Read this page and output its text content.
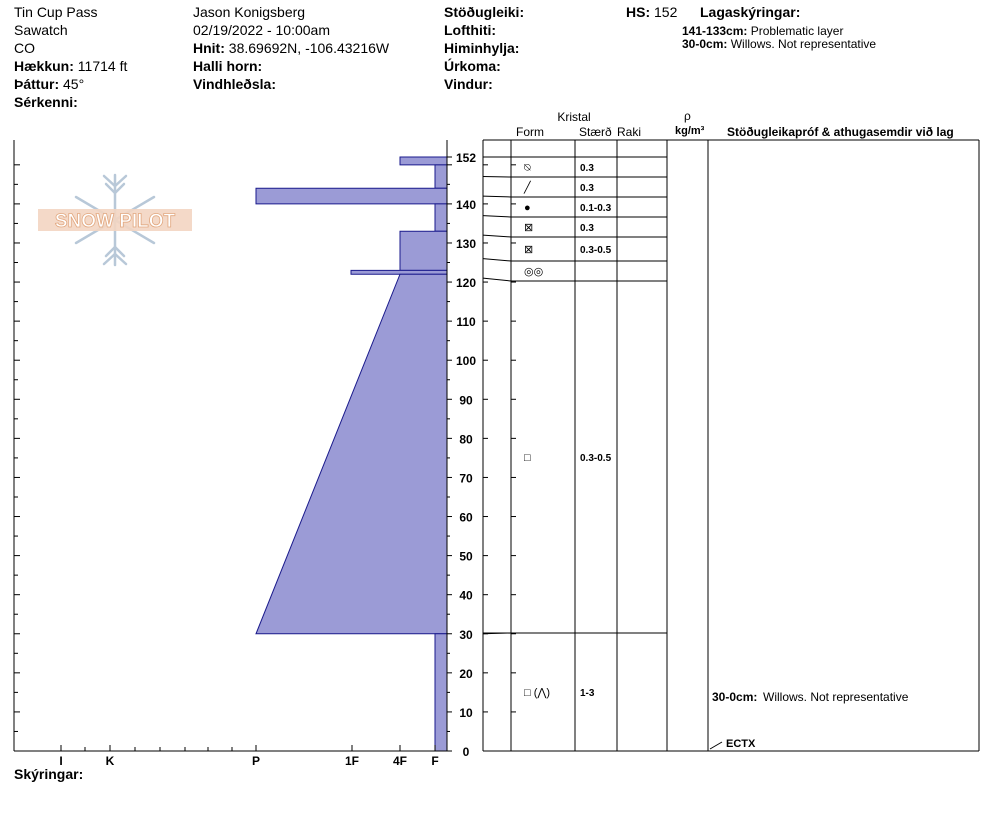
Tin Cup Pass
Sawatch
CO
Hækkun: 11714 ft
Þáttur: 45°
Sérkenni:
Jason Konigsberg
02/19/2022 - 10:00am
Hnit: 38.69692N, -106.43216W
Halli horn:
Vindhleðsla:
Stöðugleiki:
Lofthiti:
Himinhylja:
Úrkoma:
Vindur:
HS: 152 Lagaskýringar:
141-133cm: Problematic layer
30-0cm: Willows. Not representative
Skýringar:
SNOW PILOT
I	K	P	1F	4F F
0
10
20
30
40
50
60
70
80
90
100
110
120
130
140
152
Kristal
Form	Stærð Raki
ρ
kg/m³ Stöðugleikapróf & athugasemdir við lag
⍉	0.3
╱	0.3
●	0.1-0.3
⊠	0.3
⊠	0.3-0.5
◎◎
□	0.3-0.5
□ (⋀)	1-3	30-0cm: Willows. Not representative
ECTX
